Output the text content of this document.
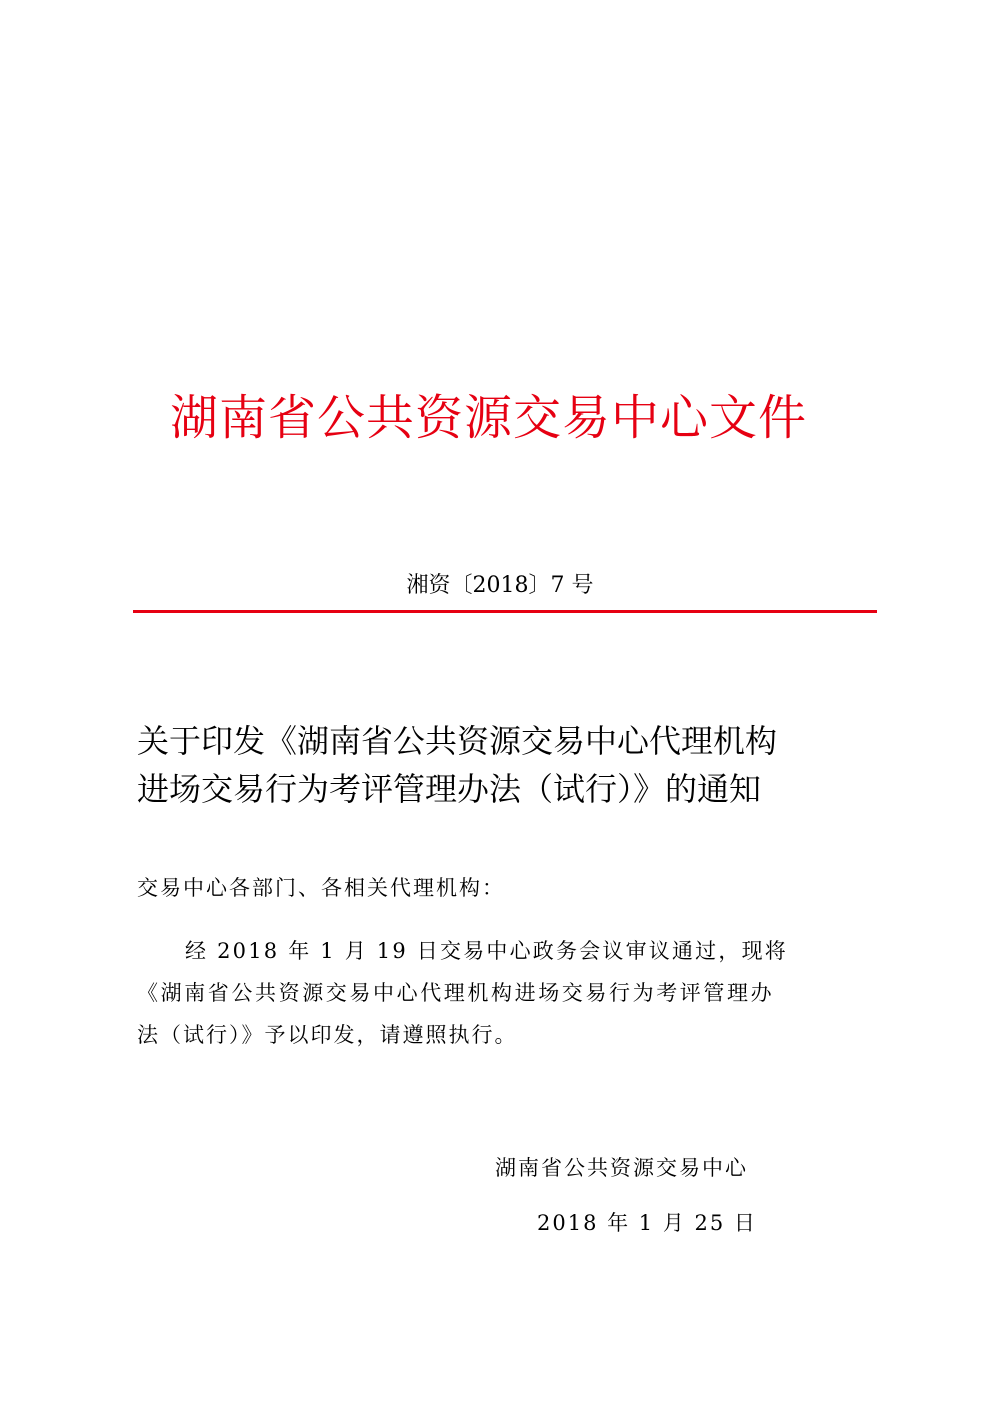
湖南省公共资源交易中心文件
湘资〔2018〕7 号
关于印发《湖南省公共资源交易中心代理机构
进场交易行为考评管理办法（试行）》的通知
交易中心各部门、各相关代理机构：
经 2018 年 1 月 19 日交易中心政务会议审议通过，现将
《湖南省公共资源交易中心代理机构进场交易行为考评管理办
法（试行）》予以印发，请遵照执行。
湖南省公共资源交易中心
2018 年 1 月 25 日
